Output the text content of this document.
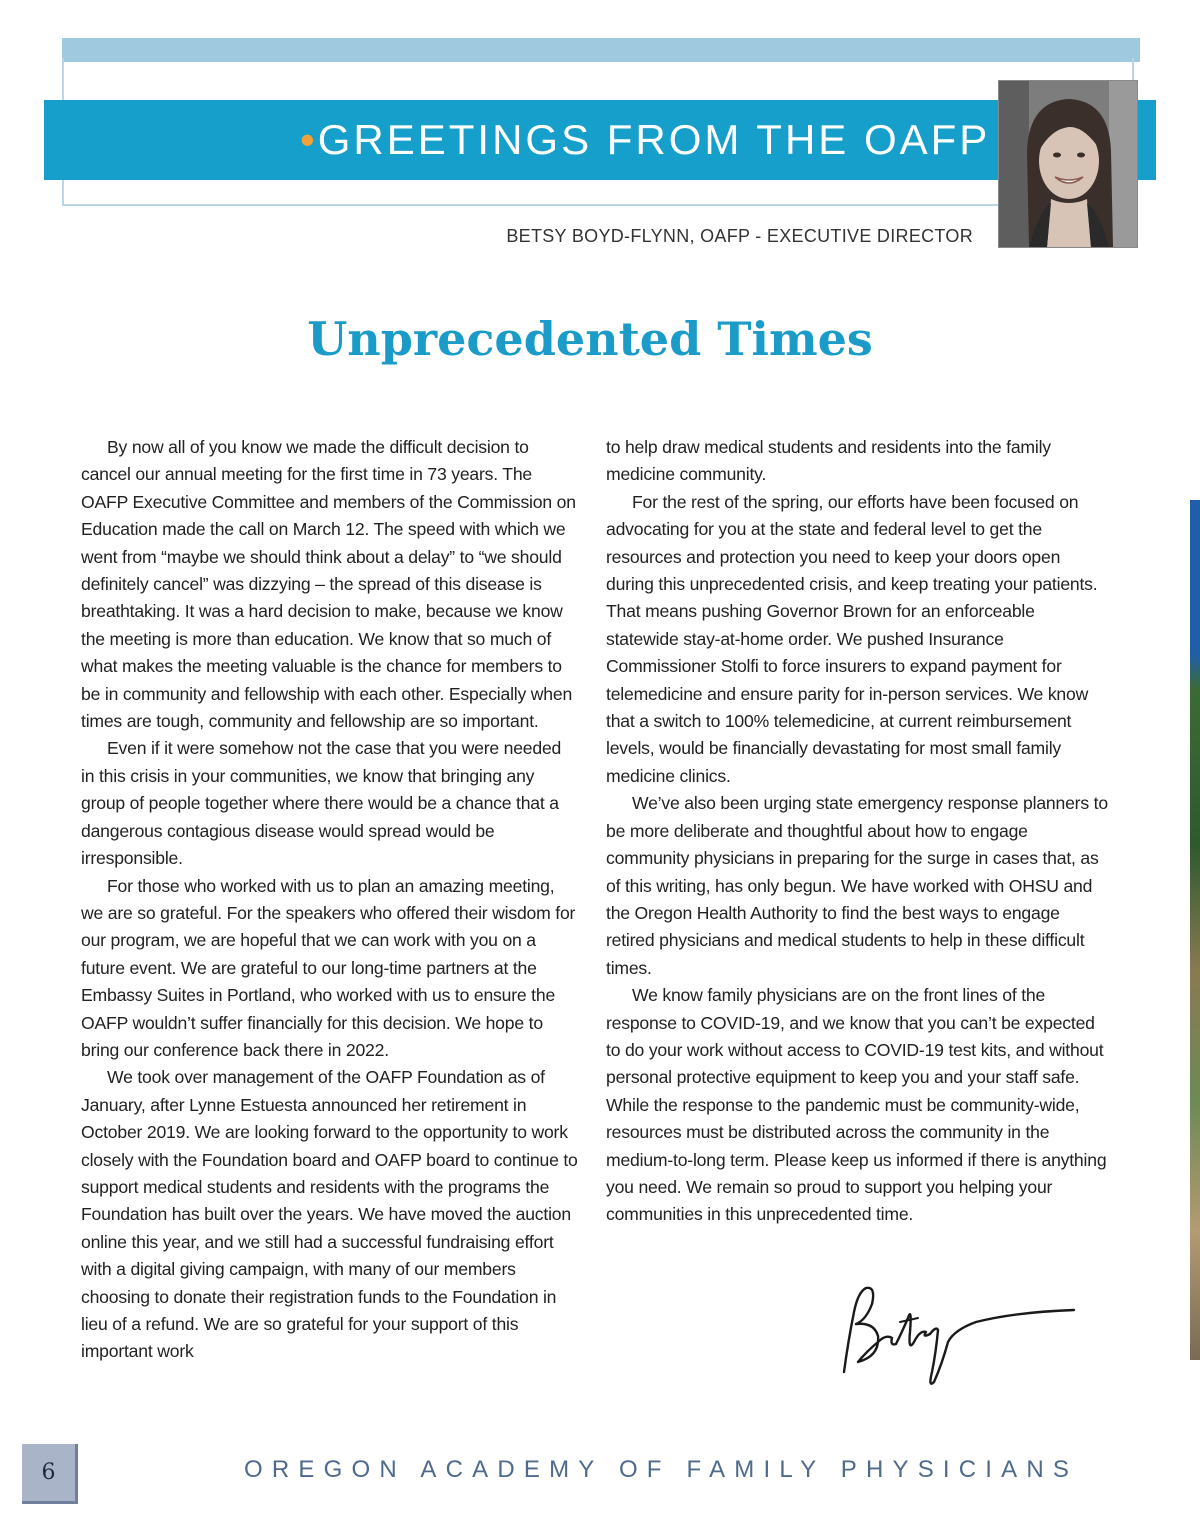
•GREETINGS FROM THE OAFP
BETSY BOYD-FLYNN, OAFP - EXECUTIVE DIRECTOR
Unprecedented Times

By now all of you know we made the difficult decision to cancel our annual meeting for the first time in 73 years. The OAFP Executive Committee and members of the Commission on Education made the call on March 12. The speed with which we went from “maybe we should think about a delay” to “we should definitely cancel” was dizzying – the spread of this disease is breathtaking. It was a hard decision to make, because we know the meeting is more than education. We know that so much of what makes the meeting valuable is the chance for members to be in community and fellowship with each other. Especially when times are tough, community and fellowship are so important.

Even if it were somehow not the case that you were needed in this crisis in your communities, we know that bringing any group of people together where there would be a chance that a dangerous contagious disease would spread would be irresponsible.

For those who worked with us to plan an amazing meeting, we are so grateful. For the speakers who offered their wisdom for our program, we are hopeful that we can work with you on a future event. We are grateful to our long-time partners at the Embassy Suites in Portland, who worked with us to ensure the OAFP wouldn’t suffer financially for this decision. We hope to bring our conference back there in 2022.

We took over management of the OAFP Foundation as of January, after Lynne Estuesta announced her retirement in October 2019. We are looking forward to the opportunity to work closely with the Foundation board and OAFP board to continue to support medical students and residents with the programs the Foundation has built over the years. We have moved the auction online this year, and we still had a successful fundraising effort with a digital giving campaign, with many of our members choosing to donate their registration funds to the Foundation in lieu of a refund. We are so grateful for your support of this important work

to help draw medical students and residents into the family medicine community.

For the rest of the spring, our efforts have been focused on advocating for you at the state and federal level to get the resources and protection you need to keep your doors open during this unprecedented crisis, and keep treating your patients. That means pushing Governor Brown for an enforceable statewide stay-at-home order. We pushed Insurance Commissioner Stolfi to force insurers to expand payment for telemedicine and ensure parity for in-person services. We know that a switch to 100% telemedicine, at current reimbursement levels, would be financially devastating for most small family medicine clinics.

We’ve also been urging state emergency response planners to be more deliberate and thoughtful about how to engage community physicians in preparing for the surge in cases that, as of this writing, has only begun. We have worked with OHSU and the Oregon Health Authority to find the best ways to engage retired physicians and medical students to help in these difficult times.

We know family physicians are on the front lines of the response to COVID-19, and we know that you can’t be expected to do your work without access to COVID-19 test kits, and without personal protective equipment to keep you and your staff safe. While the response to the pandemic must be community-wide, resources must be distributed across the community in the medium-to-long term. Please keep us informed if there is anything you need. We remain so proud to support you helping your communities in this unprecedented time.

6	OREGON ACADEMY OF FAMILY PHYSICIANS
